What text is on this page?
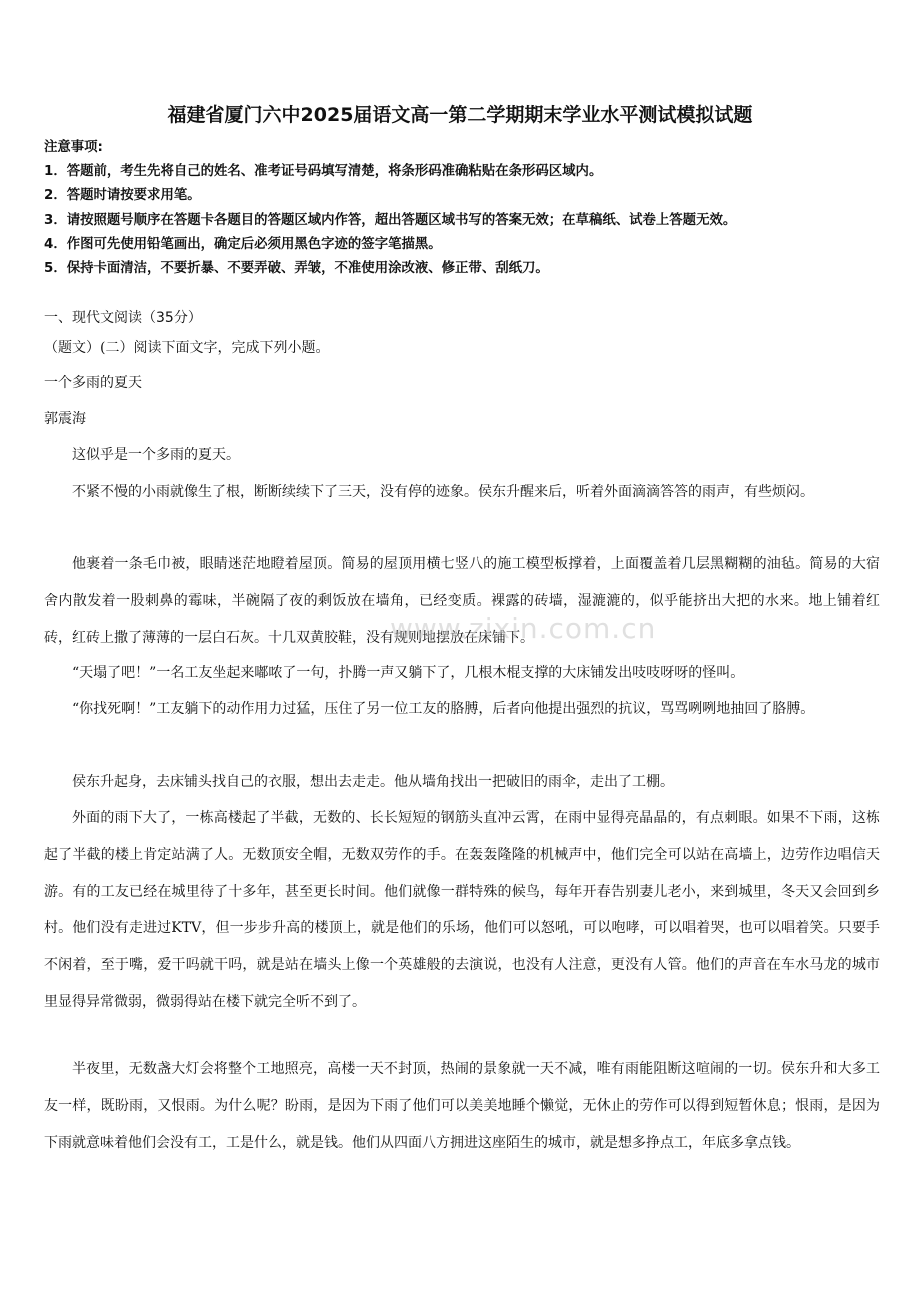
福建省厦门六中2025届语文高一第二学期期末学业水平测试模拟试题
注意事项:
1．答题前，考生先将自己的姓名、准考证号码填写清楚，将条形码准确粘贴在条形码区域内。
2．答题时请按要求用笔。
3．请按照题号顺序在答题卡各题目的答题区域内作答，超出答题区域书写的答案无效；在草稿纸、试卷上答题无效。
4．作图可先使用铅笔画出，确定后必须用黑色字迹的签字笔描黑。
5．保持卡面清洁，不要折暴、不要弄破、弄皱，不准使用涂改液、修正带、刮纸刀。
一、现代文阅读（35分）
（题文）(二）阅读下面文字，完成下列小题。
一个多雨的夏天
郭震海
这似乎是一个多雨的夏天。
不紧不慢的小雨就像生了根，断断续续下了三天，没有停的迹象。侯东升醒来后，听着外面滴滴答答的雨声，有些烦闷。
他裹着一条毛巾被，眼睛迷茫地瞪着屋顶。简易的屋顶用横七竖八的施工模型板撑着，上面覆盖着几层黑糊糊的油毡。简易的大宿舍内散发着一股刺鼻的霉味，半碗隔了夜的剩饭放在墙角，已经变质。裸露的砖墙，湿漉漉的，似乎能挤出大把的水来。地上铺着红砖，红砖上撒了薄薄的一层白石灰。十几双黄胶鞋，没有规则地摆放在床铺下。
“天塌了吧！”一名工友坐起来嘟哝了一句，扑腾一声又躺下了，几根木棍支撑的大床铺发出吱吱呀呀的怪叫。
“你找死啊！”工友躺下的动作用力过猛，压住了另一位工友的胳膊，后者向他提出强烈的抗议，骂骂咧咧地抽回了胳膊。
侯东升起身，去床铺头找自己的衣服，想出去走走。他从墙角找出一把破旧的雨伞，走出了工棚。
外面的雨下大了，一栋高楼起了半截，无数的、长长短短的钢筋头直冲云霄，在雨中显得亮晶晶的，有点刺眼。如果不下雨，这栋起了半截的楼上肯定站满了人。无数顶安全帽，无数双劳作的手。在轰轰隆隆的机械声中，他们完全可以站在高墙上，边劳作边唱信天游。有的工友已经在城里待了十多年，甚至更长时间。他们就像一群特殊的候鸟，每年开春告别妻儿老小，来到城里，冬天又会回到乡村。他们没有走进过KTV，但一步步升高的楼顶上，就是他们的乐场，他们可以怒吼，可以咆哮，可以唱着哭，也可以唱着笑。只要手不闲着，至于嘴，爱干吗就干吗，就是站在墙头上像一个英雄般的去演说，也没有人注意，更没有人管。他们的声音在车水马龙的城市里显得异常微弱，微弱得站在楼下就完全听不到了。
半夜里，无数盏大灯会将整个工地照亮，高楼一天不封顶，热闹的景象就一天不减，唯有雨能阻断这喧闹的一切。侯东升和大多工友一样，既盼雨，又恨雨。为什么呢？盼雨，是因为下雨了他们可以美美地睡个懒觉，无休止的劳作可以得到短暂休息；恨雨，是因为下雨就意味着他们会没有工，工是什么，就是钱。他们从四面八方拥进这座陌生的城市，就是想多挣点工，年底多拿点钱。
www.zixin.com.cn
